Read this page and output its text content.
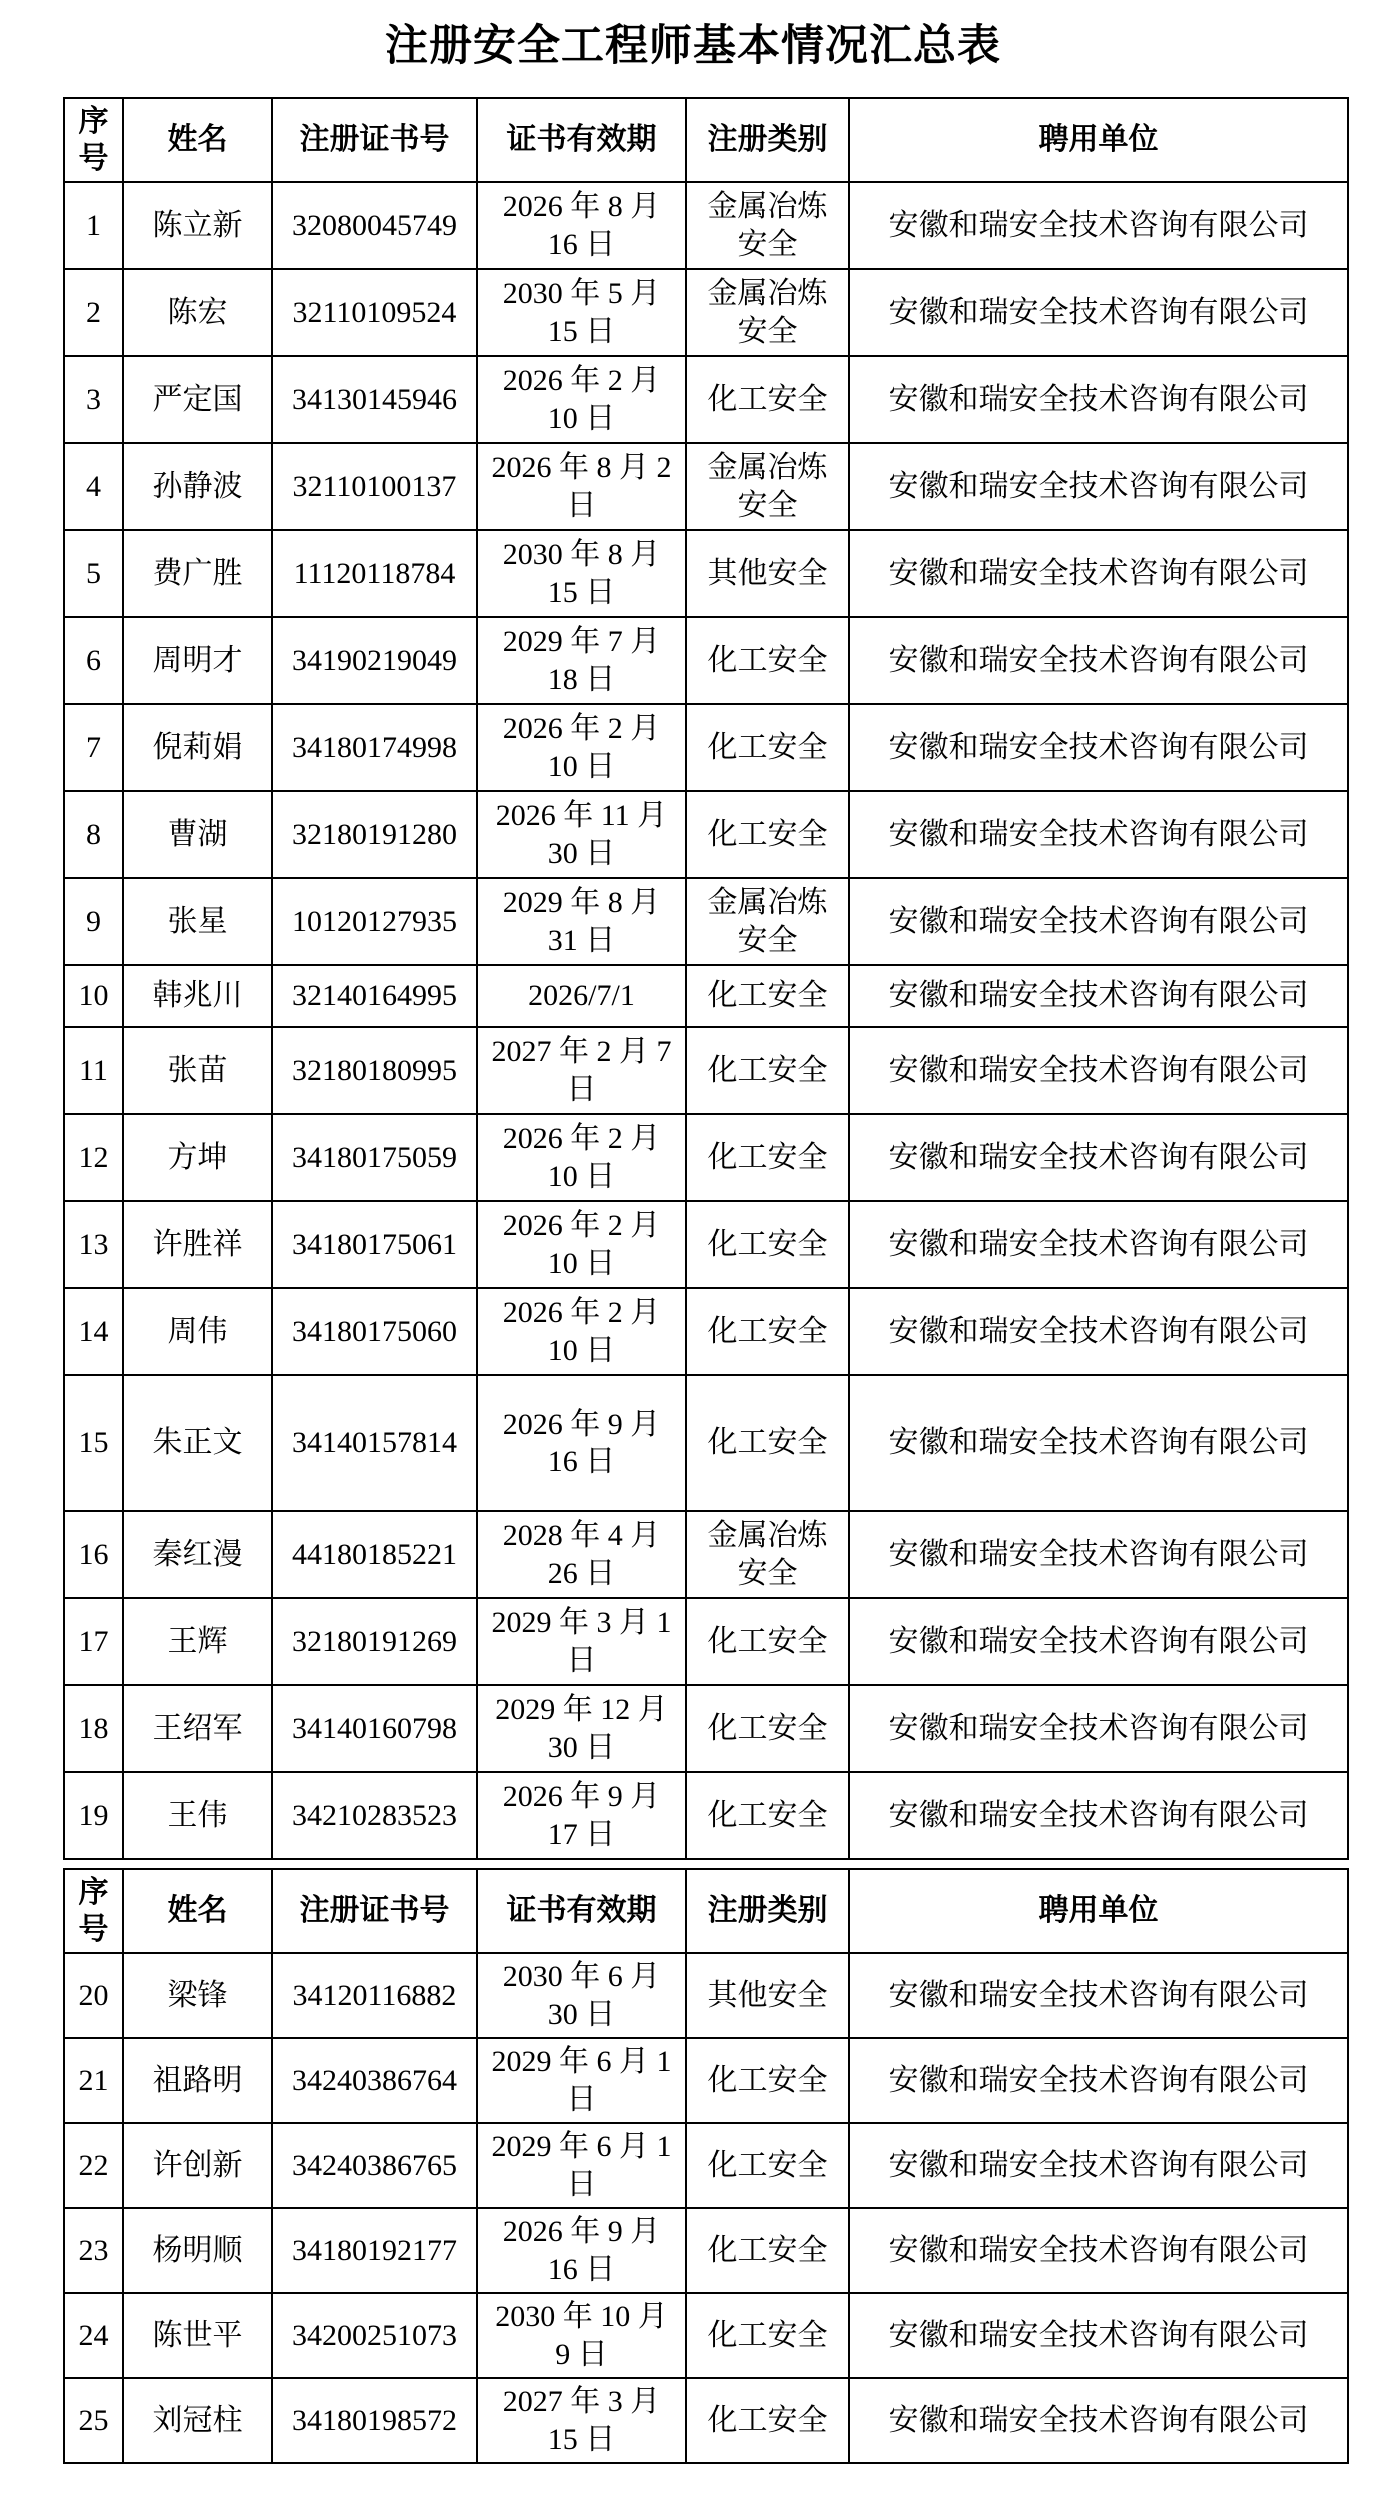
注册安全工程师基本情况汇总表
序号	姓名	注册证书号	证书有效期	注册类别	聘用单位
1	陈立新	32080045749	2026 年 8 月 16 日	金属冶炼安全	安徽和瑞安全技术咨询有限公司
2	陈宏	32110109524	2030 年 5 月 15 日	金属冶炼安全	安徽和瑞安全技术咨询有限公司
3	严定国	34130145946	2026 年 2 月 10 日	化工安全	安徽和瑞安全技术咨询有限公司
4	孙静波	32110100137	2026 年 8 月 2 日	金属冶炼安全	安徽和瑞安全技术咨询有限公司
5	费广胜	11120118784	2030 年 8 月 15 日	其他安全	安徽和瑞安全技术咨询有限公司
6	周明才	34190219049	2029 年 7 月 18 日	化工安全	安徽和瑞安全技术咨询有限公司
7	倪莉娟	34180174998	2026 年 2 月 10 日	化工安全	安徽和瑞安全技术咨询有限公司
8	曹湖	32180191280	2026 年 11 月 30 日	化工安全	安徽和瑞安全技术咨询有限公司
9	张星	10120127935	2029 年 8 月 31 日	金属冶炼安全	安徽和瑞安全技术咨询有限公司
10	韩兆川	32140164995	2026/7/1	化工安全	安徽和瑞安全技术咨询有限公司
11	张苗	32180180995	2027 年 2 月 7 日	化工安全	安徽和瑞安全技术咨询有限公司
12	方坤	34180175059	2026 年 2 月 10 日	化工安全	安徽和瑞安全技术咨询有限公司
13	许胜祥	34180175061	2026 年 2 月 10 日	化工安全	安徽和瑞安全技术咨询有限公司
14	周伟	34180175060	2026 年 2 月 10 日	化工安全	安徽和瑞安全技术咨询有限公司
15	朱正文	34140157814	2026 年 9 月 16 日	化工安全	安徽和瑞安全技术咨询有限公司
16	秦红漫	44180185221	2028 年 4 月 26 日	金属冶炼安全	安徽和瑞安全技术咨询有限公司
17	王辉	32180191269	2029 年 3 月 1 日	化工安全	安徽和瑞安全技术咨询有限公司
18	王绍军	34140160798	2029 年 12 月 30 日	化工安全	安徽和瑞安全技术咨询有限公司
19	王伟	34210283523	2026 年 9 月 17 日	化工安全	安徽和瑞安全技术咨询有限公司
序号	姓名	注册证书号	证书有效期	注册类别	聘用单位
20	梁锋	34120116882	2030 年 6 月 30 日	其他安全	安徽和瑞安全技术咨询有限公司
21	祖路明	34240386764	2029 年 6 月 1 日	化工安全	安徽和瑞安全技术咨询有限公司
22	许创新	34240386765	2029 年 6 月 1 日	化工安全	安徽和瑞安全技术咨询有限公司
23	杨明顺	34180192177	2026 年 9 月 16 日	化工安全	安徽和瑞安全技术咨询有限公司
24	陈世平	34200251073	2030 年 10 月 9 日	化工安全	安徽和瑞安全技术咨询有限公司
25	刘冠柱	34180198572	2027 年 3 月 15 日	化工安全	安徽和瑞安全技术咨询有限公司
